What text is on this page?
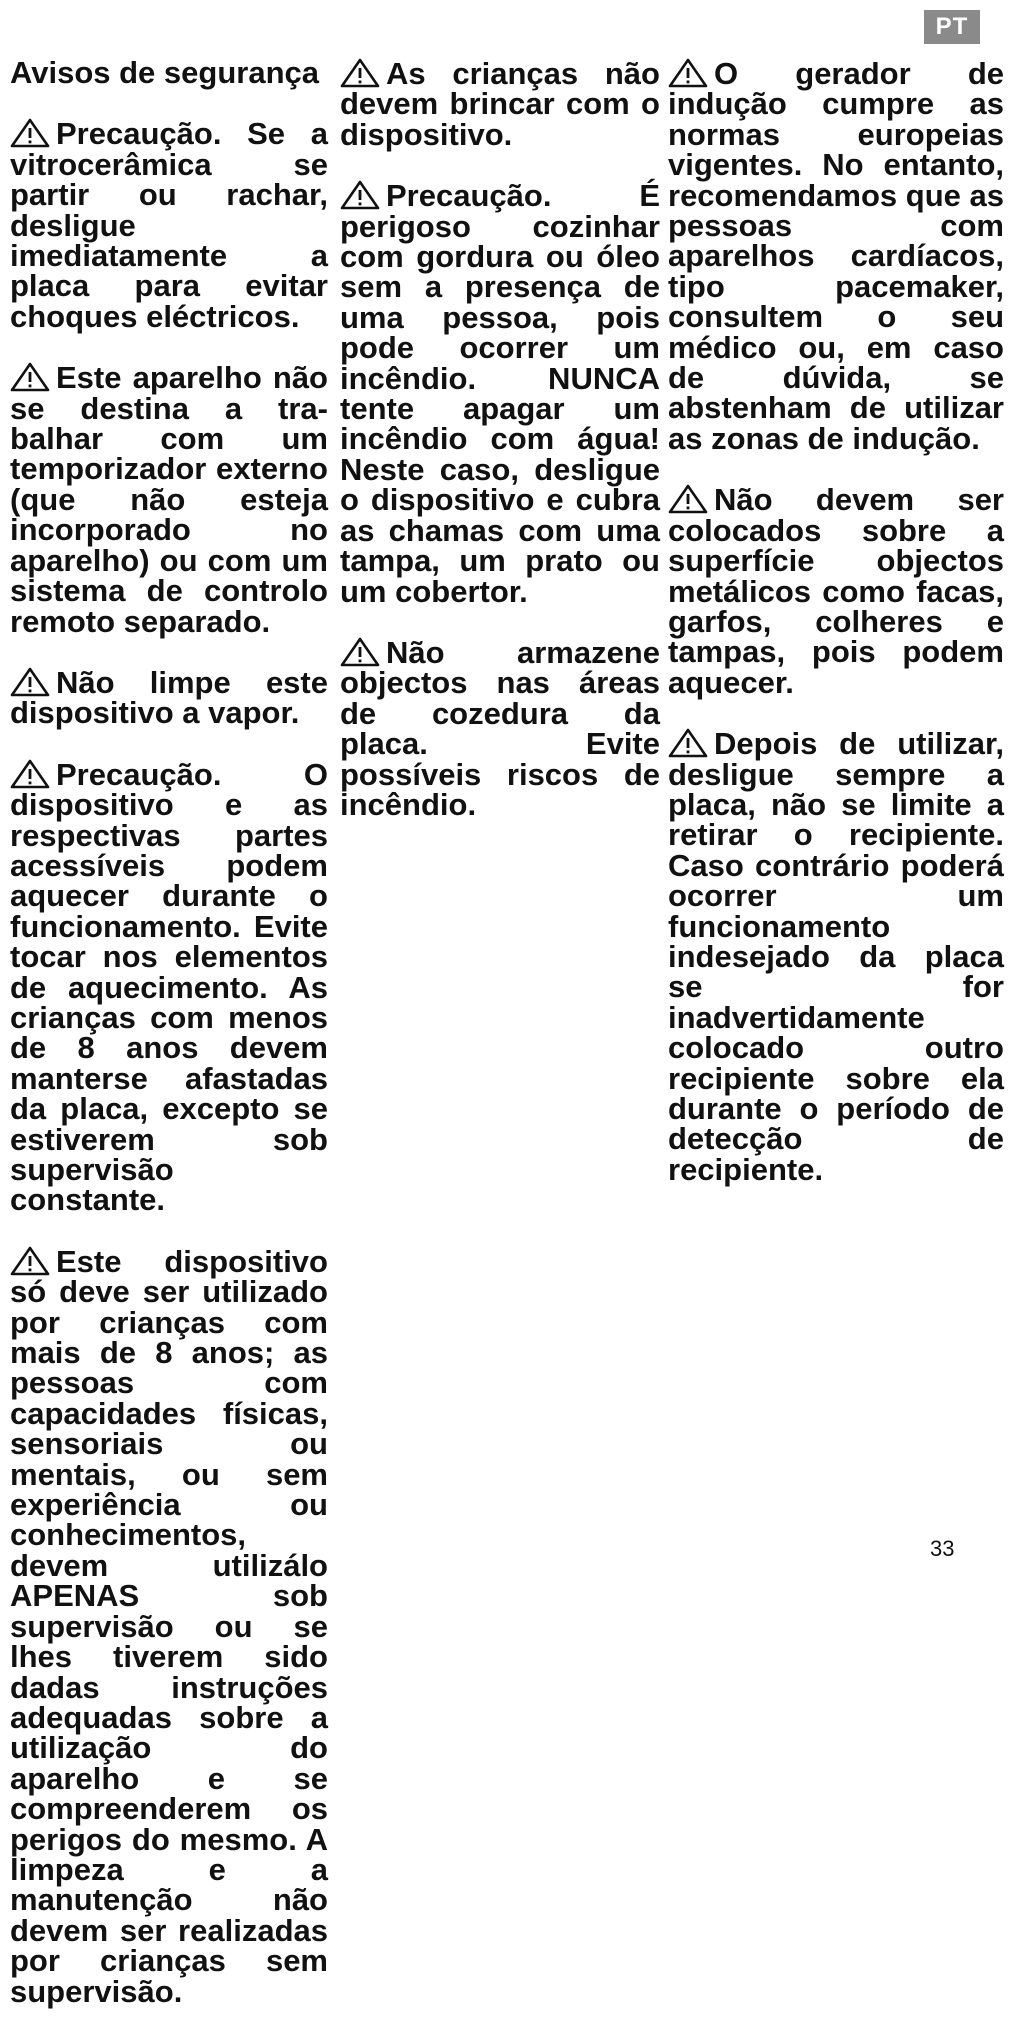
PT
Avisos de segurança

Precaução. Se a vitrocerâmica se partir ou rachar, desligue imediatamente a placa para evitar choques eléctricos.

Este aparelho não se destina a tra-balhar com um temporizador externo (que não esteja incorporado no aparelho) ou com um sistema de controlo remoto separado.

Não limpe este dispositivo a vapor.

Precaução. O dispositivo e as respectivas partes acessíveis podem aquecer durante o funcionamento. Evite tocar nos elementos de aquecimento. As crianças com menos de 8 anos devem manterse afastadas da placa, excepto se estiverem sob supervisão constante.

Este dispositivo só deve ser utilizado por crianças com mais de 8 anos; as pessoas com capacidades físicas, sensoriais ou mentais, ou sem experiência ou conhecimentos, devem utilizálo APENAS sob supervisão ou se lhes tiverem sido dadas instruções adequadas sobre a utilização do aparelho e se compreenderem os perigos do mesmo. A limpeza e a manutenção não devem ser realizadas por crianças sem supervisão.

As crianças não devem brincar com o dispositivo.

Precaução. É perigoso cozinhar com gordura ou óleo sem a presença de uma pessoa, pois pode ocorrer um incêndio. NUNCA tente apagar um incêndio com água! Neste caso, desligue o dispositivo e cubra as chamas com uma tampa, um prato ou um cobertor.

Não armazene objectos nas áreas de cozedura da placa. Evite possíveis riscos de incêndio.

O gerador de indução cumpre as normas europeias vigentes. No entanto, recomendamos que as pessoas com aparelhos cardíacos, tipo pacemaker, consultem o seu médico ou, em caso de dúvida, se abstenham de utilizar as zonas de indução.

Não devem ser colocados sobre a superfície objectos metálicos como facas, garfos, colheres e tampas, pois podem aquecer.

Depois de utilizar, desligue sempre a placa, não se limite a retirar o recipiente. Caso contrário poderá ocorrer um funcionamento indesejado da placa se for inadvertidamente colocado outro recipiente sobre ela durante o período de detecção de recipiente.

33
